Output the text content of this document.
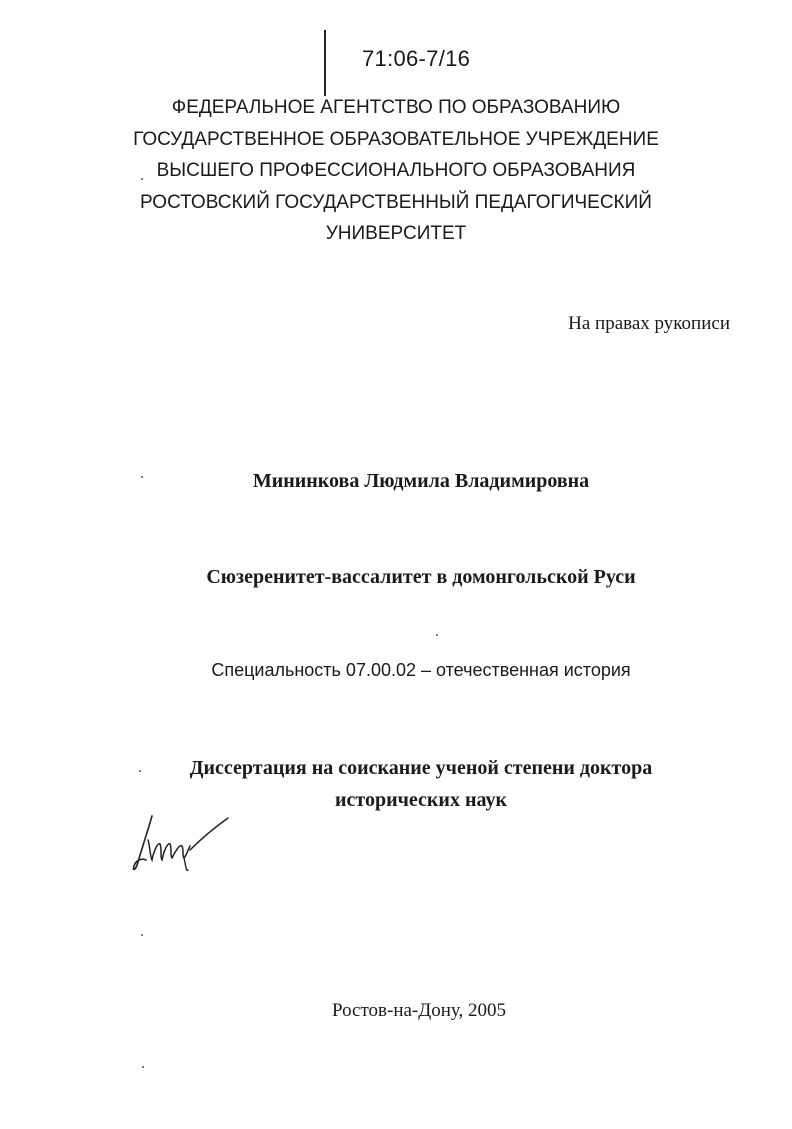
71:06-7/16
ФЕДЕРАЛЬНОЕ АГЕНТСТВО ПО ОБРАЗОВАНИЮ
ГОСУДАРСТВЕННОЕ ОБРАЗОВАТЕЛЬНОЕ УЧРЕЖДЕНИЕ
ВЫСШЕГО ПРОФЕССИОНАЛЬНОГО ОБРАЗОВАНИЯ
РОСТОВСКИЙ ГОСУДАРСТВЕННЫЙ ПЕДАГОГИЧЕСКИЙ
УНИВЕРСИТЕТ
На правах рукописи
Мининкова Людмила Владимировна
Сюзеренитет-вассалитет в домонгольской Руси
Специальность 07.00.02 – отечественная история
Диссертация на соискание ученой степени доктора
исторических наук
Ростов-на-Дону, 2005
